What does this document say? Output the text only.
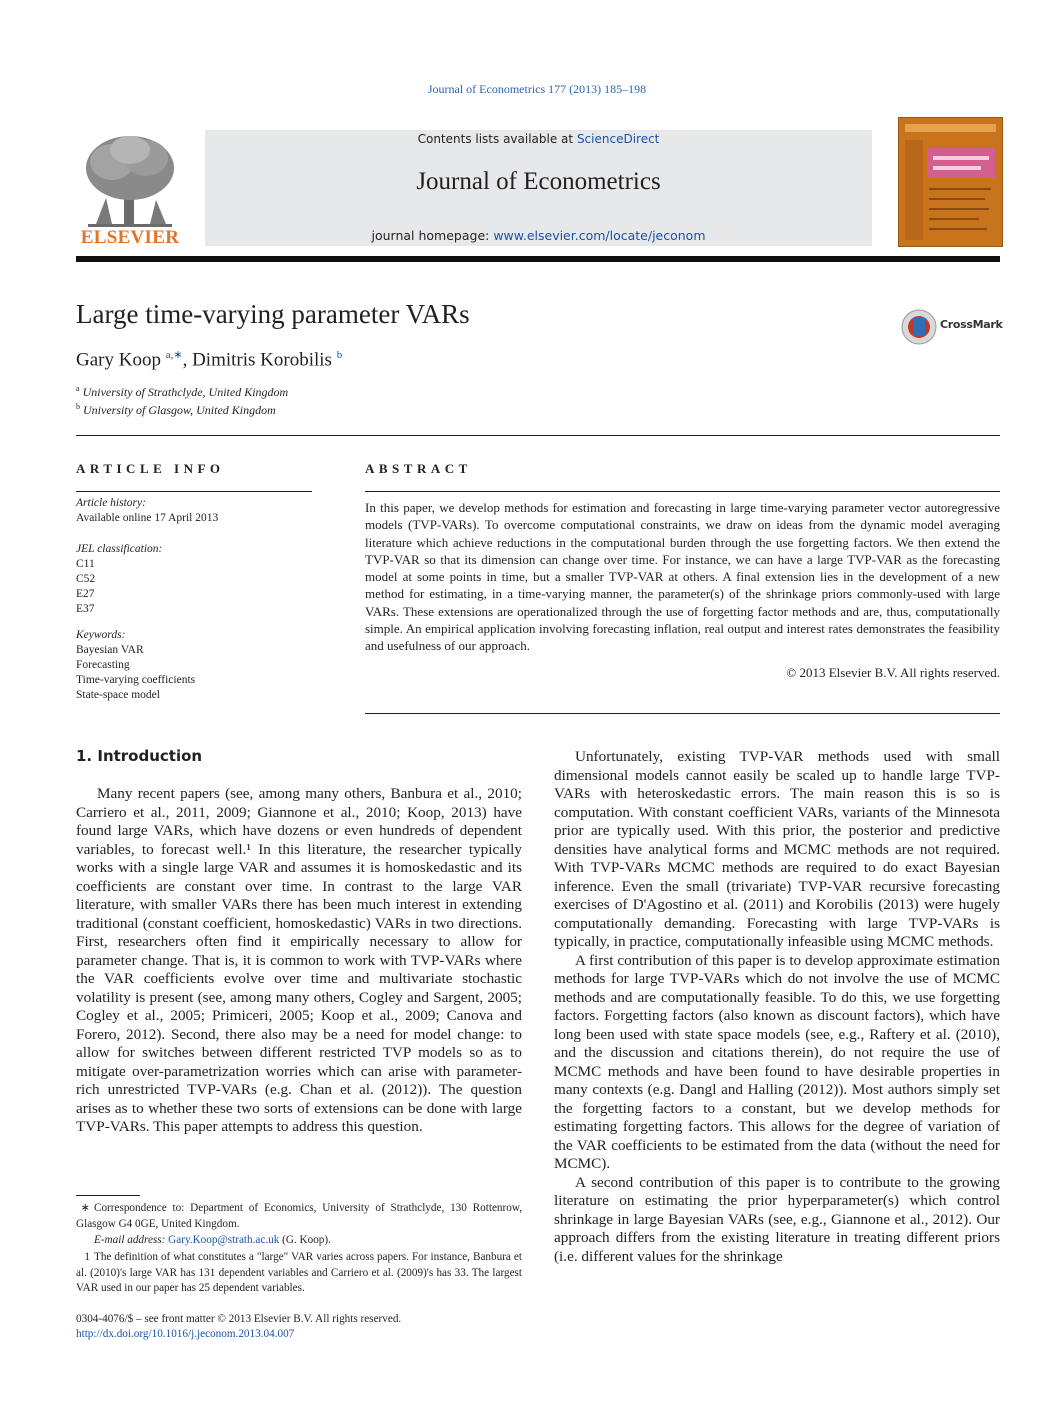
Journal of Econometrics 177 (2013) 185–198
ELSEVIER
Contents lists available at ScienceDirect
Journal of Econometrics
journal homepage: www.elsevier.com/locate/jeconom
Large time-varying parameter VARs	CrossMark
Gary Koop $^{a,∗}$, Dimitris Korobilis $^b$
$^a$ University of Strathclyde, United Kingdom
$^b$ University of Glasgow, United Kingdom
ARTICLE INFO
Article history:
Available online 17 April 2013
JEL classification:
C11
C52
E27
E37
Keywords:
Bayesian VAR
Forecasting
Time-varying coefficients
State-space model
ABSTRACT

In this paper, we develop methods for estimation and forecasting in large time-varying parameter vector autoregressive models (TVP-VARs). To overcome computational constraints, we draw on ideas from the dynamic model averaging literature which achieve reductions in the computational burden through the use forgetting factors. We then extend the TVP-VAR so that its dimension can change over time. For instance, we can have a large TVP-VAR as the forecasting model at some points in time, but a smaller TVP-VAR at others. A final extension lies in the development of a new method for estimating, in a time-varying manner, the parameter(s) of the shrinkage priors commonly-used with large VARs. These extensions are operationalized through the use of forgetting factor methods and are, thus, computationally simple. An empirical application involving forecasting inflation, real output and interest rates demonstrates the feasibility and usefulness of our approach.

© 2013 Elsevier B.V. All rights reserved.
1. Introduction

Many recent papers (see, among many others, Banbura et al., 2010; Carriero et al., 2011, 2009; Giannone et al., 2010; Koop, 2013) have found large VARs, which have dozens or even hundreds of dependent variables, to forecast well.¹ In this literature, the researcher typically works with a single large VAR and assumes it is homoskedastic and its coefficients are constant over time. In contrast to the large VAR literature, with smaller VARs there has been much interest in extending traditional (constant coefficient, homoskedastic) VARs in two directions. First, researchers often find it empirically necessary to allow for parameter change. That is, it is common to work with TVP-VARs where the VAR coefficients evolve over time and multivariate stochastic volatility is present (see, among many others, Cogley and Sargent, 2005; Cogley et al., 2005; Primiceri, 2005; Koop et al., 2009; Canova and Forero, 2012). Second, there also may be a need for model change: to allow for switches between different restricted TVP models so as to mitigate over-parametrization worries which can arise with parameter-rich unrestricted TVP-VARs (e.g. Chan et al. (2012)). The question arises as to whether these two sorts of extensions can be done with large TVP-VARs. This paper attempts to address this question.

Unfortunately, existing TVP-VAR methods used with small dimensional models cannot easily be scaled up to handle large TVP-VARs with heteroskedastic errors. The main reason this is so is computation. With constant coefficient VARs, variants of the Minnesota prior are typically used. With this prior, the posterior and predictive densities have analytical forms and MCMC methods are not required. With TVP-VARs MCMC methods are required to do exact Bayesian inference. Even the small (trivariate) TVP-VAR recursive forecasting exercises of D'Agostino et al. (2011) and Korobilis (2013) were hugely computationally demanding. Forecasting with large TVP-VARs is typically, in practice, computationally infeasible using MCMC methods.

A first contribution of this paper is to develop approximate estimation methods for large TVP-VARs which do not involve the use of MCMC methods and are computationally feasible. To do this, we use forgetting factors. Forgetting factors (also known as discount factors), which have long been used with state space models (see, e.g., Raftery et al. (2010), and the discussion and citations therein), do not require the use of MCMC methods and have been found to have desirable properties in many contexts (e.g. Dangl and Halling (2012)). Most authors simply set the forgetting factors to a constant, but we develop methods for estimating forgetting factors. This allows for the degree of variation of the VAR coefficients to be estimated from the data (without the need for MCMC).

A second contribution of this paper is to contribute to the growing literature on estimating the prior hyperparameter(s) which control shrinkage in large Bayesian VARs (see, e.g., Giannone et al., 2012). Our approach differs from the existing literature in treating different priors (i.e. different values for the shrinkage

∗ Correspondence to: Department of Economics, University of Strathclyde, 130 Rottenrow, Glasgow G4 0GE, United Kingdom.

E-mail address: Gary.Koop@strath.ac.uk (G. Koop).

1 The definition of what constitutes a "large" VAR varies across papers. For instance, Banbura et al. (2010)'s large VAR has 131 dependent variables and Carriero et al. (2009)'s has 33. The largest VAR used in our paper has 25 dependent variables.

0304-4076/$ – see front matter © 2013 Elsevier B.V. All rights reserved.
http://dx.doi.org/10.1016/j.jeconom.2013.04.007
